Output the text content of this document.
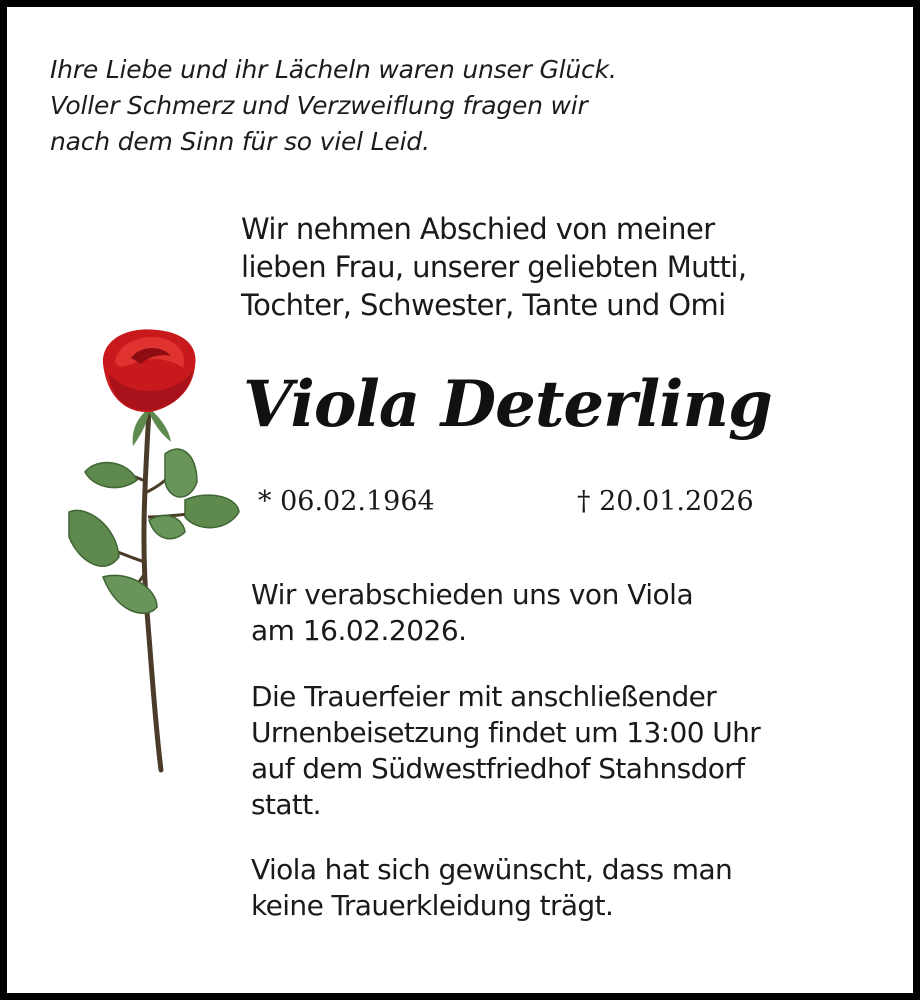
Ihre Liebe und ihr Lächeln waren unser Glück.
Voller Schmerz und Verzweiflung fragen wir
nach dem Sinn für so viel Leid.
Wir nehmen Abschied von meiner
lieben Frau, unserer geliebten Mutti,
Tochter, Schwester, Tante und Omi
Viola Deterling
* 06.02.1964	† 20.01.2026
Wir verabschieden uns von Viola
am 16.02.2026.
Die Trauerfeier mit anschließender
Urnenbeisetzung findet um 13:00 Uhr
auf dem Südwestfriedhof Stahnsdorf
statt.
Viola hat sich gewünscht, dass man
keine Trauerkleidung trägt.
